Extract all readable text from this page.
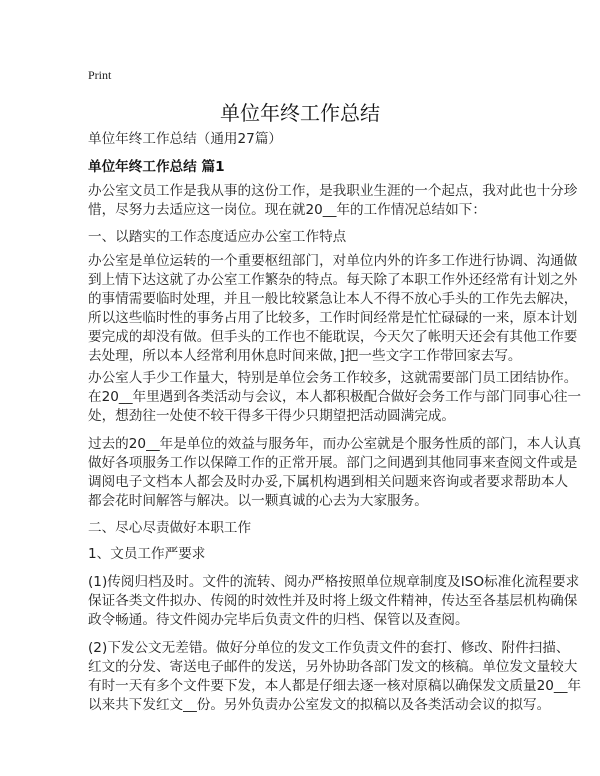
Print
单位年终工作总结
单位年终工作总结（通用27篇）
单位年终工作总结 篇1
办公室文员工作是我从事的这份工作，是我职业生涯的一个起点，我对此也十分珍
惜，尽努力去适应这一岗位。现在就20__年的工作情况总结如下：
一、以踏实的工作态度适应办公室工作特点
办公室是单位运转的一个重要枢纽部门，对单位内外的许多工作进行协调、沟通做
到上情下达这就了办公室工作繁杂的特点。每天除了本职工作外还经常有计划之外
的事情需要临时处理，并且一般比较紧急让本人不得不放心手头的工作先去解决，
所以这些临时性的事务占用了比较多，工作时间经常是忙忙碌碌的一来，原本计划
要完成的却没有做。但手头的工作也不能耽误，今天欠了帐明天还会有其他工作要
去处理，所以本人经常利用休息时间来做，]把一些文字工作带回家去写。
办公室人手少工作量大，特别是单位会务工作较多，这就需要部门员工团结协作。
在20__年里遇到各类活动与会议，本人都积极配合做好会务工作与部门同事心往一
处，想劲往一处使不较干得多干得少只期望把活动圆满完成。
过去的20__年是单位的效益与服务年，而办公室就是个服务性质的部门，本人认真
做好各项服务工作以保障工作的正常开展。部门之间遇到其他同事来查阅文件或是
调阅电子文档本人都会及时办妥,下属机构遇到相关问题来咨询或者要求帮助本人
都会花时间解答与解决。以一颗真诚的心去为大家服务。
二、尽心尽责做好本职工作
1、文员工作严要求
(1)传阅归档及时。文件的流转、阅办严格按照单位规章制度及ISO标准化流程要求
保证各类文件拟办、传阅的时效性并及时将上级文件精神，传达至各基层机构确保
政令畅通。待文件阅办完毕后负责文件的归档、保管以及查阅。
(2)下发公文无差错。做好分单位的发文工作负责文件的套打、修改、附件扫描、
红文的分发、寄送电子邮件的发送，另外协助各部门发文的核稿。单位发文量较大
有时一天有多个文件要下发，本人都是仔细去逐一核对原稿以确保发文质量20__年
以来共下发红文__份。另外负责办公室发文的拟稿以及各类活动会议的拟写。
